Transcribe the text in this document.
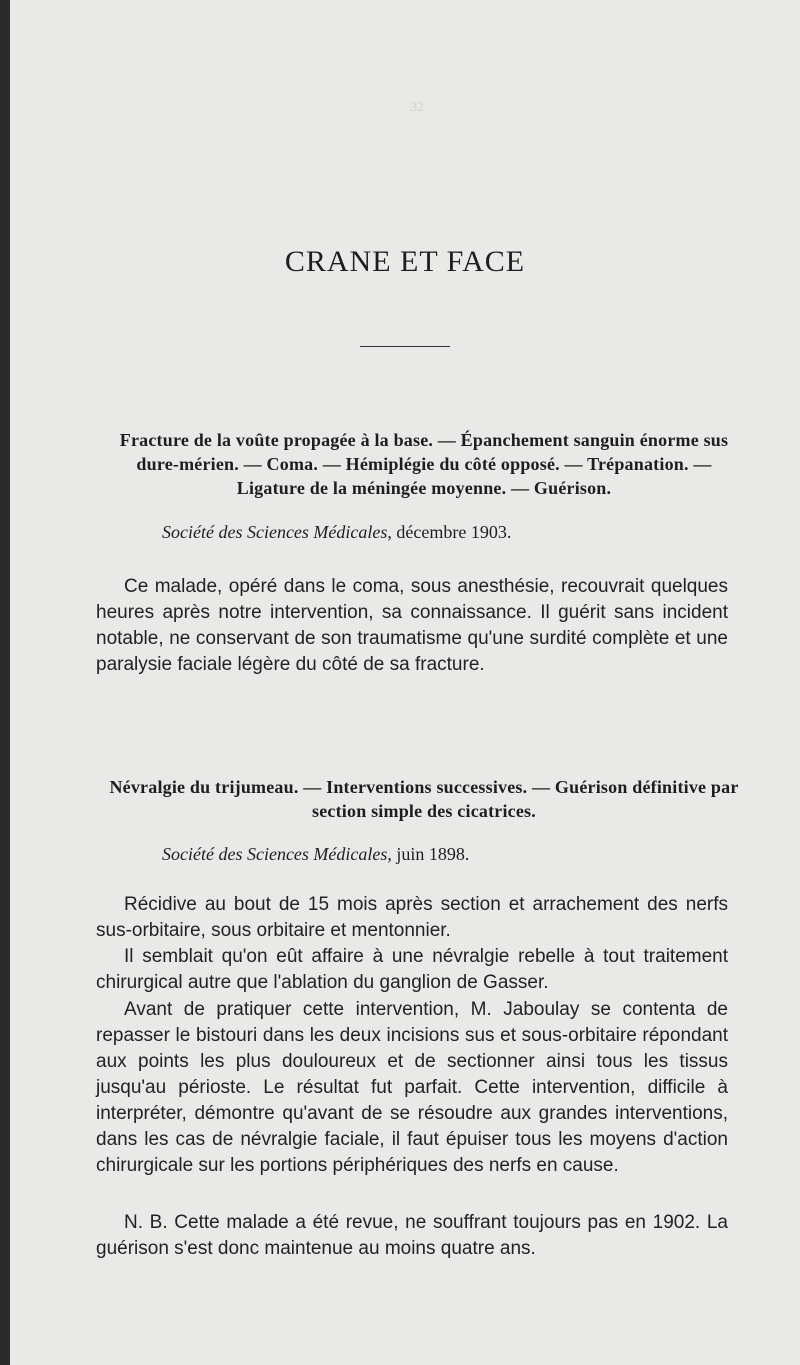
32
CRANE ET FACE

Fracture de la voûte propagée à la base. — Épanchement sanguin énorme sus dure-mérien. — Coma. — Hémiplégie du côté opposé. — Trépanation. — Ligature de la méningée moyenne. — Guérison.

Société des Sciences Médicales, décembre 1903.

Ce malade, opéré dans le coma, sous anesthésie, recouvrait quelques heures après notre intervention, sa connaissance. Il guérit sans incident notable, ne conservant de son traumatisme qu'une surdité complète et une paralysie faciale légère du côté de sa fracture.

Névralgie du trijumeau. — Interventions successives. — Guérison définitive par section simple des cicatrices.

Société des Sciences Médicales, juin 1898.

Récidive au bout de 15 mois après section et arrachement des nerfs sus-orbitaire, sous orbitaire et mentonnier.

Il semblait qu'on eût affaire à une névralgie rebelle à tout traitement chirurgical autre que l'ablation du ganglion de Gasser.

Avant de pratiquer cette intervention, M. Jaboulay se contenta de repasser le bistouri dans les deux incisions sus et sous-orbitaire répondant aux points les plus douloureux et de sectionner ainsi tous les tissus jusqu'au périoste. Le résultat fut parfait. Cette intervention, difficile à interpréter, démontre qu'avant de se résoudre aux grandes interventions, dans les cas de névralgie faciale, il faut épuiser tous les moyens d'action chirurgicale sur les portions périphériques des nerfs en cause.

N. B. Cette malade a été revue, ne souffrant toujours pas en 1902. La guérison s'est donc maintenue au moins quatre ans.
